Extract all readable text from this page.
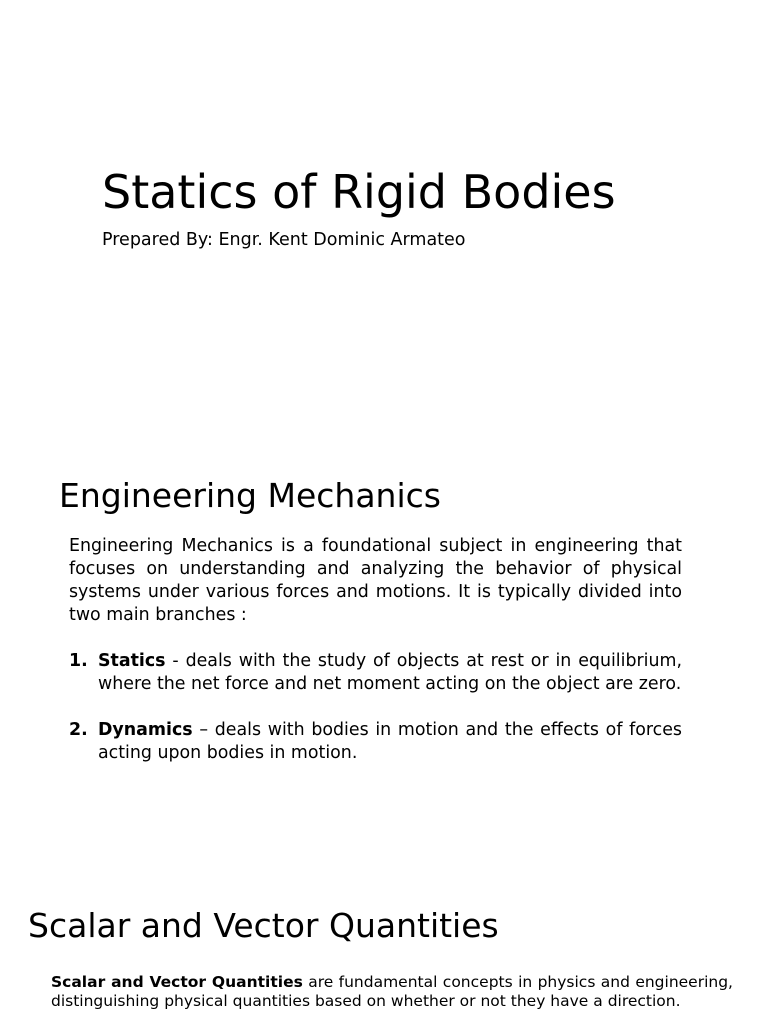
Statics of Rigid Bodies
Prepared By: Engr. Kent Dominic Armateo
Engineering Mechanics

Engineering Mechanics is a foundational subject in engineering that focuses on understanding and analyzing the behavior of physical systems under various forces and motions. It is typically divided into two main branches :

1. Statics - deals with the study of objects at rest or in equilibrium, where the net force and net moment acting on the object are zero.
2. Dynamics – deals with bodies in motion and the effects of forces acting upon bodies in motion.
Scalar and Vector Quantities

Scalar and Vector Quantities are fundamental concepts in physics and engineering, distinguishing physical quantities based on whether or not they have a direction.
